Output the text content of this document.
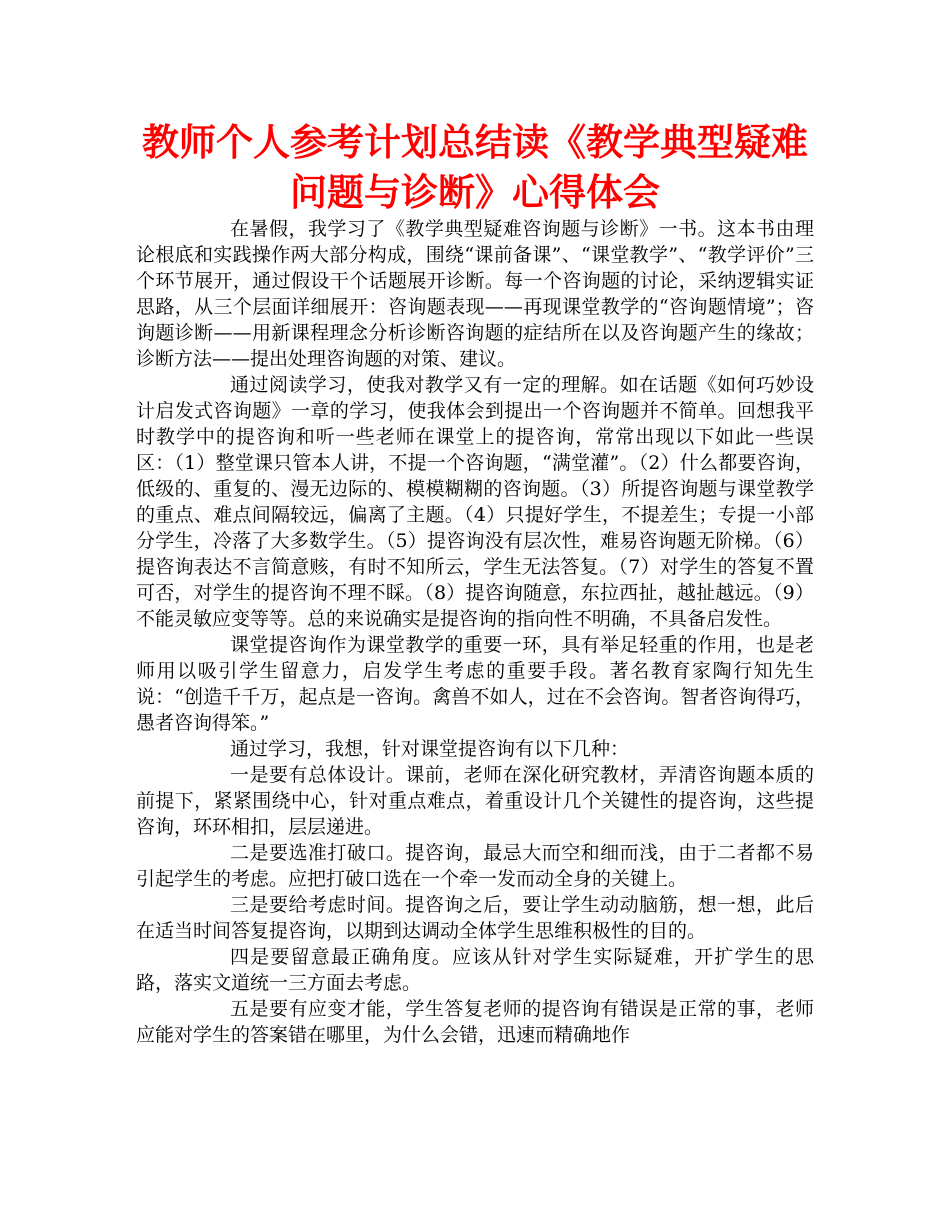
教师个人参考计划总结读《教学典型疑难
问题与诊断》心得体会

在暑假，我学习了《教学典型疑难咨询题与诊断》一书。这本书由理论根底和实践操作两大部分构成，围绕“课前备课”、“课堂教学”、“教学评价”三个环节展开，通过假设干个话题展开诊断。每一个咨询题的讨论，采纳逻辑实证思路，从三个层面详细展开：咨询题表现——再现课堂教学的“咨询题情境”；咨询题诊断——用新课程理念分析诊断咨询题的症结所在以及咨询题产生的缘故；诊断方法——提出处理咨询题的对策、建议。

通过阅读学习，使我对教学又有一定的理解。如在话题《如何巧妙设计启发式咨询题》一章的学习，使我体会到提出一个咨询题并不简单。回想我平时教学中的提咨询和听一些老师在课堂上的提咨询，常常出现以下如此一些误区：（1）整堂课只管本人讲，不提一个咨询题，“满堂灌”。（2）什么都要咨询，低级的、重复的、漫无边际的、模模糊糊的咨询题。（3）所提咨询题与课堂教学的重点、难点间隔较远，偏离了主题。（4）只提好学生，不提差生；专提一小部分学生，冷落了大多数学生。（5）提咨询没有层次性，难易咨询题无阶梯。（6）提咨询表达不言简意赅，有时不知所云，学生无法答复。（7）对学生的答复不置可否，对学生的提咨询不理不睬。（8）提咨询随意，东拉西扯，越扯越远。（9）不能灵敏应变等等。总的来说确实是提咨询的指向性不明确，不具备启发性。

课堂提咨询作为课堂教学的重要一环，具有举足轻重的作用，也是老师用以吸引学生留意力，启发学生考虑的重要手段。著名教育家陶行知先生说：“创造千千万，起点是一咨询。禽兽不如人，过在不会咨询。智者咨询得巧，愚者咨询得笨。”

通过学习，我想，针对课堂提咨询有以下几种：

一是要有总体设计。课前，老师在深化研究教材，弄清咨询题本质的前提下，紧紧围绕中心，针对重点难点，着重设计几个关键性的提咨询，这些提咨询，环环相扣，层层递进。

二是要选准打破口。提咨询，最忌大而空和细而浅，由于二者都不易引起学生的考虑。应把打破口选在一个牵一发而动全身的关键上。

三是要给考虑时间。提咨询之后，要让学生动动脑筋，想一想，此后在适当时间答复提咨询，以期到达调动全体学生思维积极性的目的。

四是要留意最正确角度。应该从针对学生实际疑难，开扩学生的思路，落实文道统一三方面去考虑。

五是要有应变才能，学生答复老师的提咨询有错误是正常的事，老师应能对学生的答案错在哪里，为什么会错，迅速而精确地作
